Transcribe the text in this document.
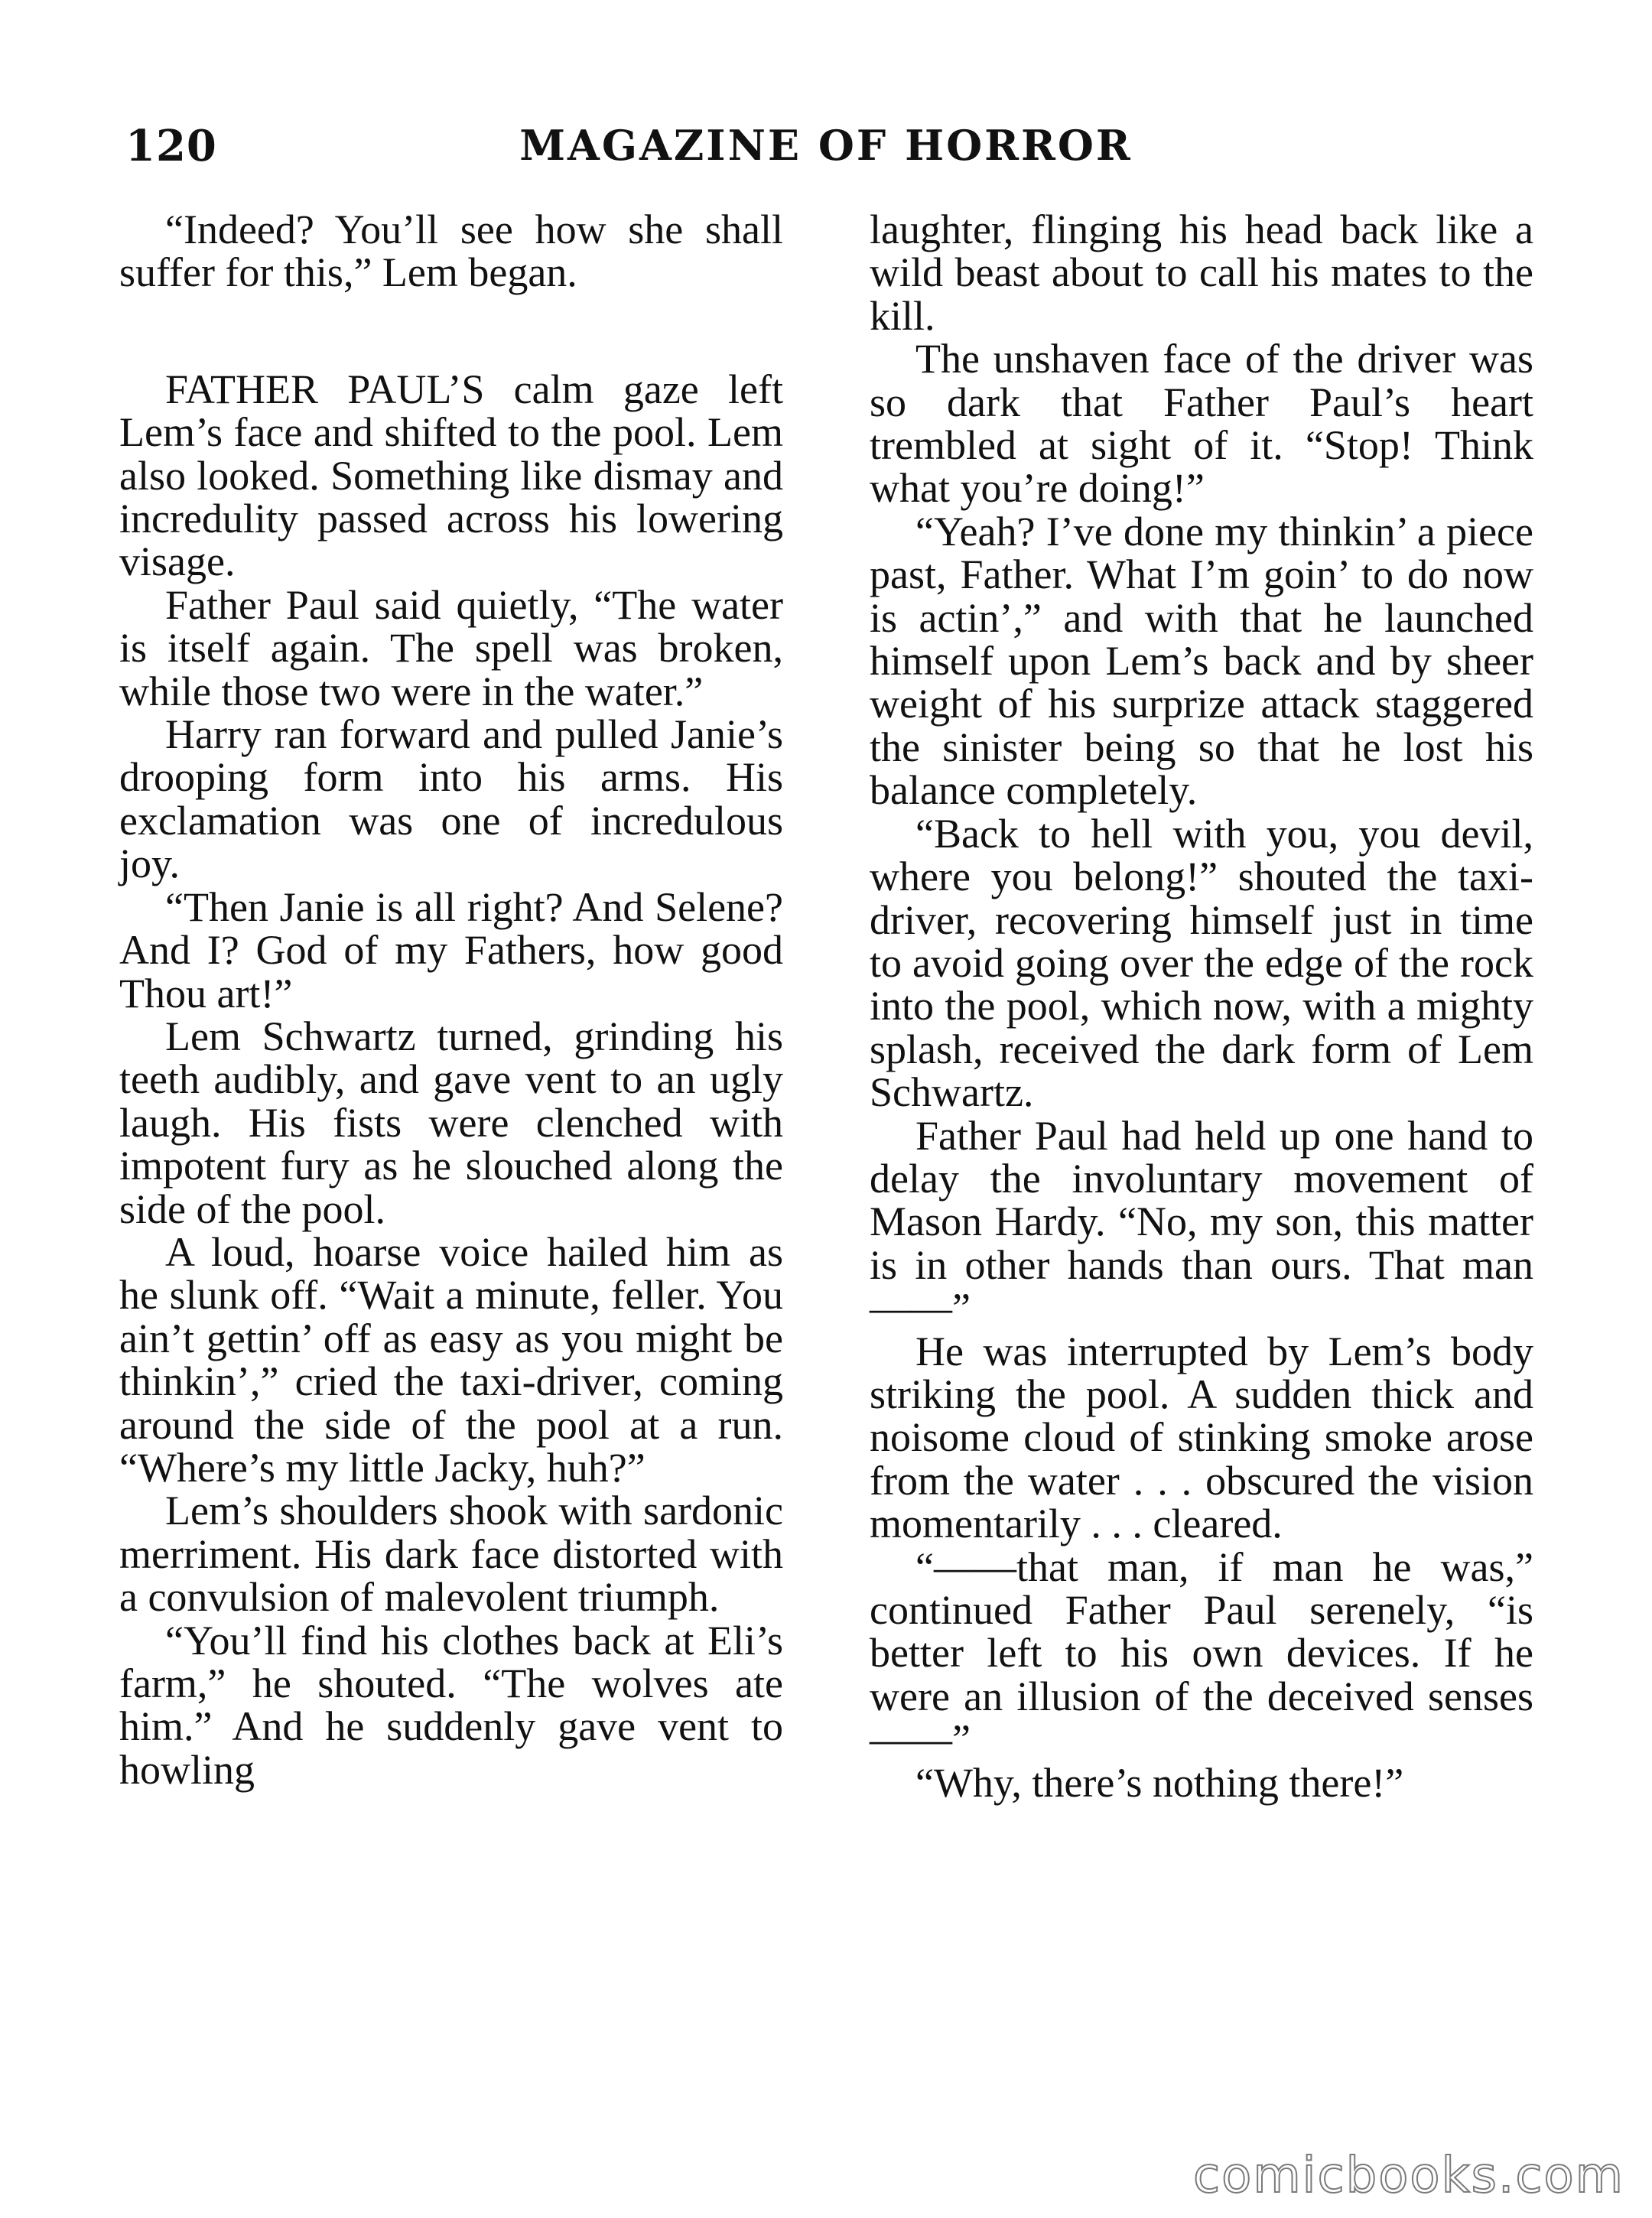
120	MAGAZINE OF HORROR

“Indeed? You’ll see how she shall suffer for this,” Lem began.

FATHER PAUL’S calm gaze left Lem’s face and shifted to the pool. Lem also looked. Something like dismay and incredulity passed across his lowering visage.

Father Paul said quietly, “The water is itself again. The spell was broken, while those two were in the water.”

Harry ran forward and pulled Janie’s drooping form into his arms. His exclamation was one of incredulous joy.

“Then Janie is all right? And Selene? And I? God of my Fathers, how good Thou art!”

Lem Schwartz turned, grinding his teeth audibly, and gave vent to an ugly laugh. His fists were clenched with impotent fury as he slouched along the side of the pool.

A loud, hoarse voice hailed him as he slunk off. “Wait a minute, feller. You ain’t gettin’ off as easy as you might be thinkin’,” cried the taxi-driver, coming around the side of the pool at a run. “Where’s my little Jacky, huh?”

Lem’s shoulders shook with sardonic merriment. His dark face distorted with a convulsion of malevolent triumph.

“You’ll find his clothes back at Eli’s farm,” he shouted. “The wolves ate him.” And he suddenly gave vent to howling

laughter, flinging his head back like a wild beast about to call his mates to the kill.

The unshaven face of the driver was so dark that Father Paul’s heart trembled at sight of it. “Stop! Think what you’re doing!”

“Yeah? I’ve done my thinkin’ a piece past, Father. What I’m goin’ to do now is actin’,” and with that he launched himself upon Lem’s back and by sheer weight of his surprize attack staggered the sinister being so that he lost his balance completely.

“Back to hell with you, you devil, where you belong!” shouted the taxi-driver, recovering himself just in time to avoid going over the edge of the rock into the pool, which now, with a mighty splash, received the dark form of Lem Schwartz.

Father Paul had held up one hand to delay the involuntary movement of Mason Hardy. “No, my son, this matter is in other hands than ours. That man——”

He was interrupted by Lem’s body striking the pool. A sudden thick and noisome cloud of stinking smoke arose from the water . . . obscured the vision momentarily . . . cleared.

“——that man, if man he was,” continued Father Paul serenely, “is better left to his own devices. If he were an illusion of the deceived senses——”

“Why, there’s nothing there!”

comicbooks.com
